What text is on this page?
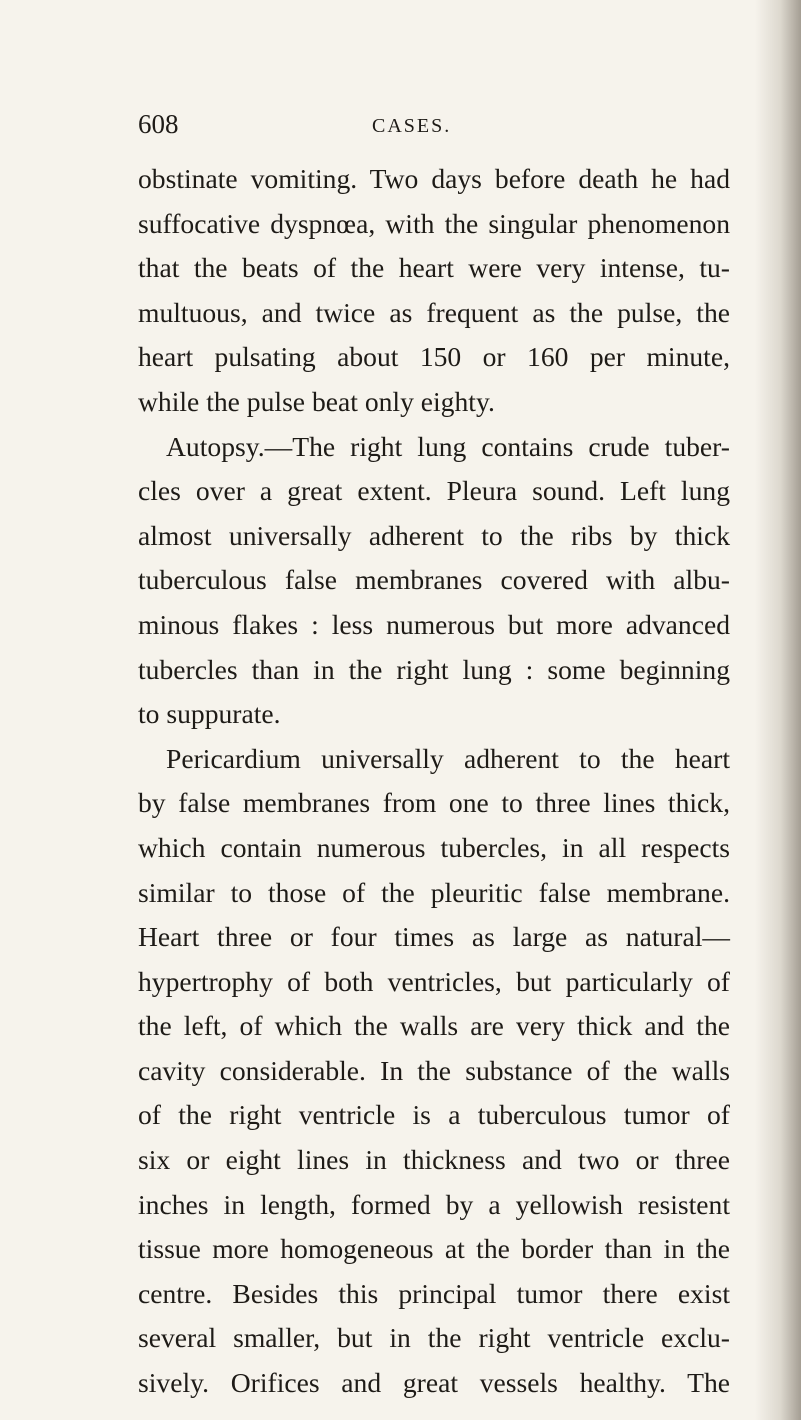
608	CASES.
obstinate vomiting. Two days before death he had
suffocative dyspnœa, with the singular phenomenon
that the beats of the heart were very intense, tu-
multuous, and twice as frequent as the pulse, the
heart pulsating about 150 or 160 per minute,
while the pulse beat only eighty.
Autopsy.—The right lung contains crude tuber-
cles over a great extent. Pleura sound. Left lung
almost universally adherent to the ribs by thick
tuberculous false membranes covered with albu-
minous flakes : less numerous but more advanced
tubercles than in the right lung : some beginning
to suppurate.
Pericardium universally adherent to the heart
by false membranes from one to three lines thick,
which contain numerous tubercles, in all respects
similar to those of the pleuritic false membrane.
Heart three or four times as large as natural—
hypertrophy of both ventricles, but particularly of
the left, of which the walls are very thick and the
cavity considerable. In the substance of the walls
of the right ventricle is a tuberculous tumor of
six or eight lines in thickness and two or three
inches in length, formed by a yellowish resistent
tissue more homogeneous at the border than in the
centre. Besides this principal tumor there exist
several smaller, but in the right ventricle exclu-
sively. Orifices and great vessels healthy. The
